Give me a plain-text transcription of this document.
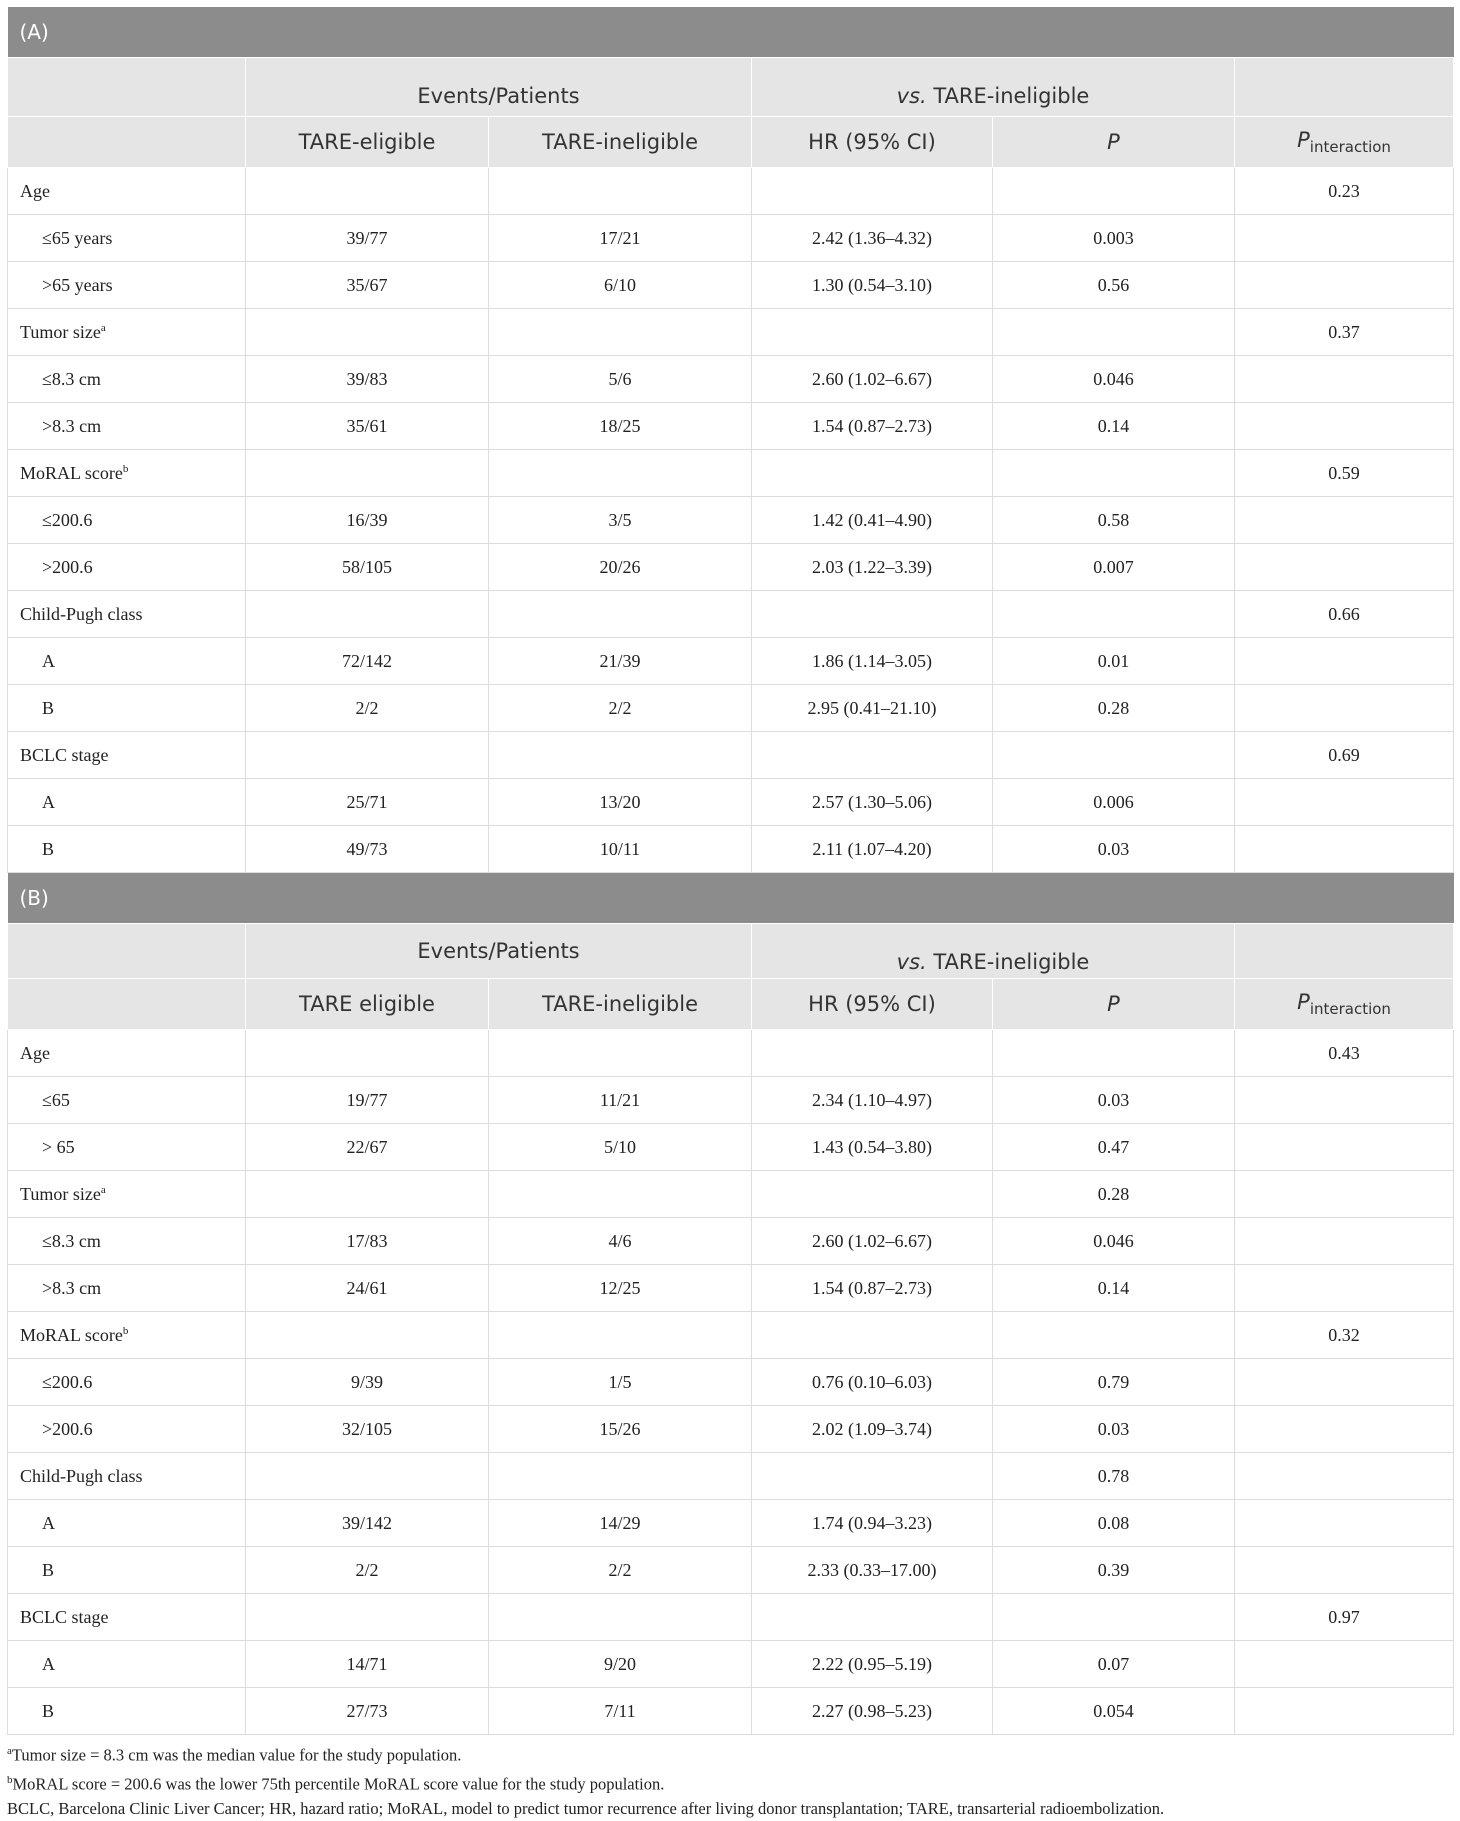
(A)					
	Events/Patients		vs. TARE-ineligible		
	TARE-eligible	TARE-ineligible	HR (95% CI)	P	$P_{interaction}$
Age					0.23
≤65 years	39/77	17/21	2.42 (1.36–4.32)	0.003	
>65 years	35/67	6/10	1.30 (0.54–3.10)	0.56	
Tumor size$^a$					0.37
≤8.3 cm	39/83	5/6	2.60 (1.02–6.67)	0.046	
>8.3 cm	35/61	18/25	1.54 (0.87–2.73)	0.14	
MoRAL score$^b$					0.59
≤200.6	16/39	3/5	1.42 (0.41–4.90)	0.58	
>200.6	58/105	20/26	2.03 (1.22–3.39)	0.007	
Child-Pugh class					0.66
A	72/142	21/39	1.86 (1.14–3.05)	0.01	
B	2/2	2/2	2.95 (0.41–21.10)	0.28	
BCLC stage					0.69
A	25/71	13/20	2.57 (1.30–5.06)	0.006	
B	49/73	10/11	2.11 (1.07–4.20)	0.03	
(B)					
	Events/Patients		vs. TARE-ineligible		
	TARE eligible	TARE-ineligible	HR (95% CI)	P	$P_{interaction}$
Age					0.43
≤65	19/77	11/21	2.34 (1.10–4.97)	0.03	
> 65	22/67	5/10	1.43 (0.54–3.80)	0.47	
Tumor size$^a$				0.28	
≤8.3 cm	17/83	4/6	2.60 (1.02–6.67)	0.046	
>8.3 cm	24/61	12/25	1.54 (0.87–2.73)	0.14	
MoRAL score$^b$					0.32
≤200.6	9/39	1/5	0.76 (0.10–6.03)	0.79	
>200.6	32/105	15/26	2.02 (1.09–3.74)	0.03	
Child-Pugh class				0.78	
A	39/142	14/29	1.74 (0.94–3.23)	0.08	
B	2/2	2/2	2.33 (0.33–17.00)	0.39	
BCLC stage					0.97
A	14/71	9/20	2.22 (0.95–5.19)	0.07	
B	27/73	7/11	2.27 (0.98–5.23)	0.054	
$^a$Tumor size = 8.3 cm was the median value for the study population.
$^b$MoRAL score = 200.6 was the lower 75th percentile MoRAL score value for the study population.
BCLC, Barcelona Clinic Liver Cancer; HR, hazard ratio; MoRAL, model to predict tumor recurrence after living donor transplantation; TARE, transarterial radioembolization.
